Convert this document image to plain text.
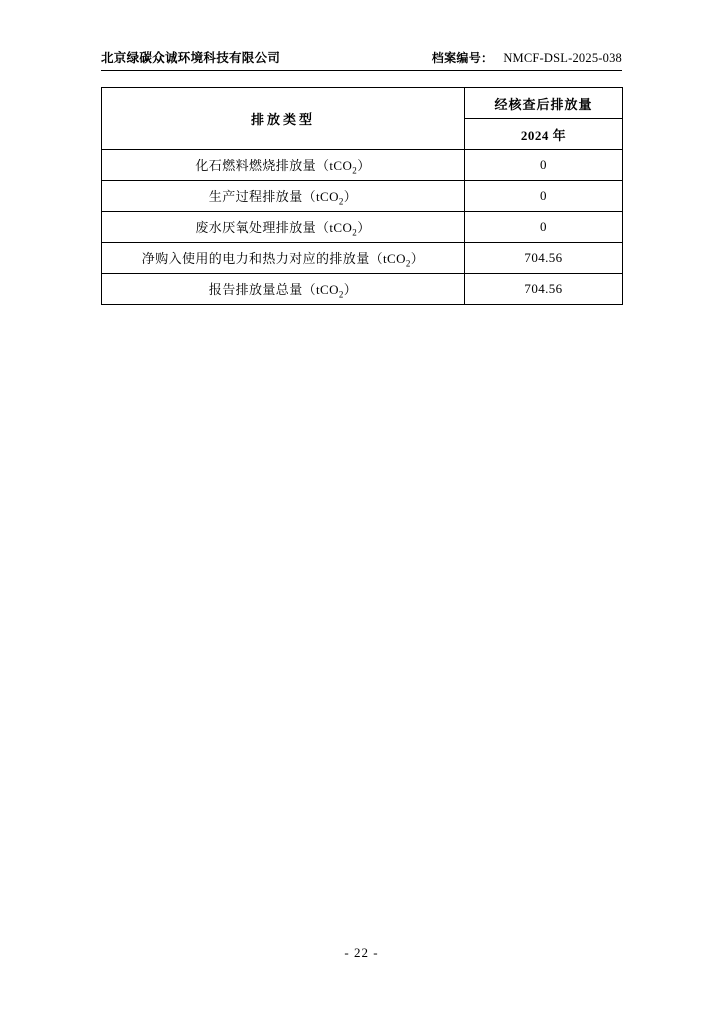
北京绿碳众诚环境科技有限公司	档案编号： NMCF-DSL-2025-038
排放类型	经核查后排放量
	2024 年
化石燃料燃烧排放量（tCO$_2$）	0
生产过程排放量（tCO$_2$）	0
废水厌氧处理排放量（tCO$_2$）	0
净购入使用的电力和热力对应的排放量（tCO$_2$）	704.56
报告排放量总量（tCO$_2$）	704.56
- 22 -
